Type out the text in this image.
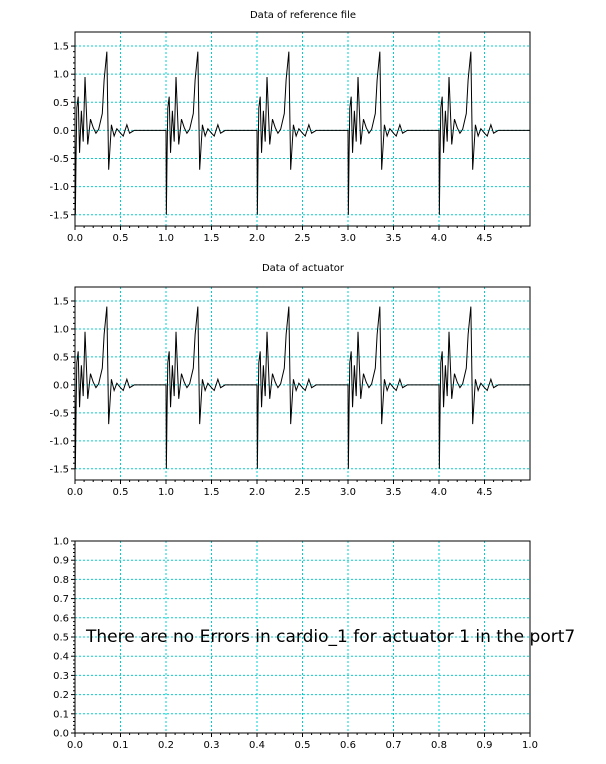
Data of reference file
0.0	0.5	1.0	1.5	2.0	2.5	3.0	3.5	4.0	4.5
-1.5
-1.0
-0.5
0.0
0.5
1.0
1.5
Data of actuator
0.0	0.5	1.0	1.5	2.0	2.5	3.0	3.5	4.0	4.5
-1.5
-1.0
-0.5
0.0
0.5
1.0
1.5
0.0	0.1	0.2	0.3	0.4	0.5	0.6	0.7	0.8	0.9	1.0
0.0
0.1
0.2
0.3
0.4
0.5
0.6
0.7
0.8
0.9
1.0
There are no Errors in cardio_1 for actuator 1 in the port7
